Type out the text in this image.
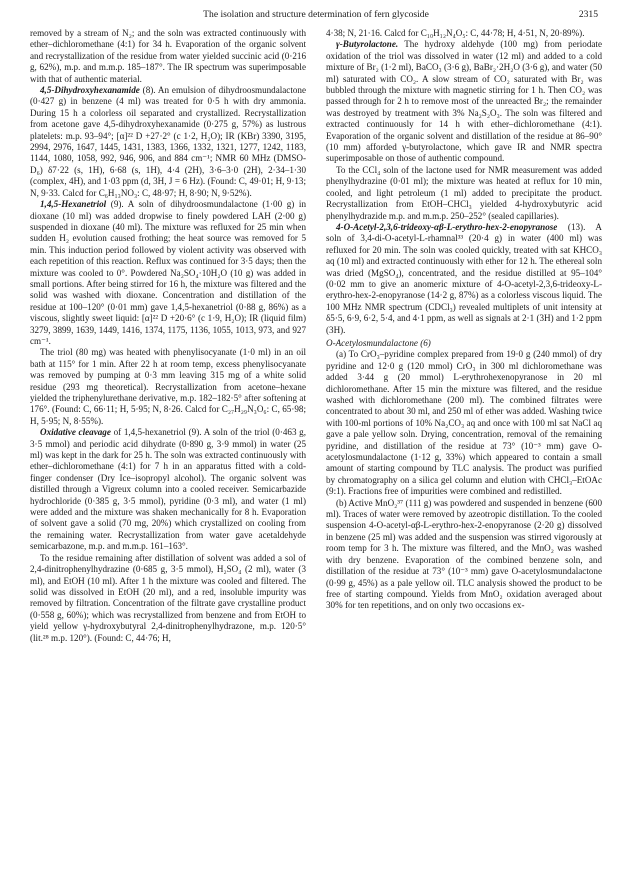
The isolation and structure determination of fern glycoside	2315

removed by a stream of N₂; and the soln was extracted continuously with ether–dichloromethane (4:1) for 34 h. Evaporation of the organic solvent and recrystallization of the residue from water yielded succinic acid (0·216 g, 62%), m.p. and m.m.p. 185–187°. The IR spectrum was superimposable with that of authentic material.

4,5-Dihydroxyhexanamide (8). An emulsion of dihydroosmundalactone (0·427 g) in benzene (4 ml) was treated for 0·5 h with dry ammonia. During 15 h a colorless oil separated and crystallized. Recrystallization from acetone gave 4,5-dihydroxyhexanamide (0·275 g, 57%) as lustrous platelets: m.p. 93–94°; [α]²² D +27·2° (c 1·2, H₂O); IR (KBr) 3390, 3195, 2994, 2976, 1647, 1445, 1431, 1383, 1366, 1332, 1321, 1277, 1242, 1183, 1144, 1080, 1058, 992, 946, 906, and 884 cm⁻¹; NMR 60 MHz (DMSO-D₆) δ7·22 (s, 1H), 6·68 (s, 1H), 4·4 (2H), 3·6–3·0 (2H), 2·34–1·30 (complex, 4H), and 1·03 ppm (d, 3H, J = 6 Hz). (Found: C, 49·01; H, 9·13; N, 9·33. Calcd for C₆H₁₃NO₃: C, 48·97; H, 8·90; N, 9·52%).

1,4,5-Hexanetriol (9). A soln of dihydroosmundalactone (1·00 g) in dioxane (10 ml) was added dropwise to finely powdered LAH (2·00 g) suspended in dioxane (40 ml). The mixture was refluxed for 25 min when sudden H₂ evolution caused frothing; the heat source was removed for 5 min. This induction period followed by violent activity was observed with each repetition of this reaction. Reflux was continued for 3·5 days; then the mixture was cooled to 0°. Powdered Na₂SO₄·10H₂O (10 g) was added in small portions. After being stirred for 16 h, the mixture was filtered and the solid was washed with dioxane. Concentration and distillation of the residue at 100–120° (0·01 mm) gave 1,4,5-hexanetriol (0·88 g, 86%) as a viscous, slightly sweet liquid: [α]²² D +20·6° (c 1·9, H₂O); IR (liquid film) 3279, 3899, 1639, 1449, 1416, 1374, 1175, 1136, 1055, 1013, 973, and 927 cm⁻¹.

The triol (80 mg) was heated with phenylisocyanate (1·0 ml) in an oil bath at 115° for 1 min. After 22 h at room temp, excess phenylisocyanate was removed by pumping at 0·3 mm leaving 315 mg of a white solid residue (293 mg theoretical). Recrystallization from acetone–hexane yielded the triphenylurethane derivative, m.p. 182–182·5° after softening at 176°. (Found: C, 66·11; H, 5·95; N, 8·26. Calcd for C₂₇H₂₉N₃O₆: C, 65·98; H, 5·95; N, 8·55%).

Oxidative cleavage of 1,4,5-hexanetriol (9). A soln of the triol (0·463 g, 3·5 mmol) and periodic acid dihydrate (0·890 g, 3·9 mmol) in water (25 ml) was kept in the dark for 25 h. The soln was extracted continuously with ether–dichloromethane (4:1) for 7 h in an apparatus fitted with a cold-finger condenser (Dry Ice–isopropyl alcohol). The organic solvent was distilled through a Vigreux column into a cooled receiver. Semicarbazide hydrochloride (0·385 g, 3·5 mmol), pyridine (0·3 ml), and water (1 ml) were added and the mixture was shaken mechanically for 8 h. Evaporation of solvent gave a solid (70 mg, 20%) which crystallized on cooling from the remaining water. Recrystallization from water gave acetaldehyde semicarbazone, m.p. and m.m.p. 161–163°.

To the residue remaining after distillation of solvent was added a sol of 2,4-dinitrophenylhydrazine (0·685 g, 3·5 mmol), H₂SO₄ (2 ml), water (3 ml), and EtOH (10 ml). After 1 h the mixture was cooled and filtered. The solid was dissolved in EtOH (20 ml), and a red, insoluble impurity was removed by filtration. Concentration of the filtrate gave crystalline product (0·558 g, 60%); which was recrystallized from benzene and from EtOH to yield yellow γ-hydroxybutyral 2,4-dinitrophenylhydrazone, m.p. 120·5° (lit.²⁸ m.p. 120°). (Found: C, 44·76; H,

4·38; N, 21·16. Calcd for C₁₀H₁₂N₄O₅: C, 44·78; H, 4·51, N, 20·89%).

γ-Butyrolactone. The hydroxy aldehyde (100 mg) from periodate oxidation of the triol was dissolved in water (12 ml) and added to a cold mixture of Br₂ (1·2 ml), BaCO₃ (3·6 g), BaBr₂·2H₂O (3·6 g), and water (50 ml) saturated with CO₂. A slow stream of CO₂ saturated with Br₂ was bubbled through the mixture with magnetic stirring for 1 h. Then CO₂ was passed through for 2 h to remove most of the unreacted Br₂; the remainder was destroyed by treatment with 3% Na₂S₂O₃. The soln was filtered and extracted continuously for 14 h with ether–dichloromethane (4:1). Evaporation of the organic solvent and distillation of the residue at 86–90° (10 mm) afforded γ-butyrolactone, which gave IR and NMR spectra superimposable on those of authentic compound.

To the CCl₄ soln of the lactone used for NMR measurement was added phenylhydrazine (0·01 ml); the mixture was heated at reflux for 10 min, cooled, and light petroleum (1 ml) added to precipitate the product. Recrystallization from EtOH–CHCl₃ yielded 4-hydroxybutyric acid phenylhydrazide m.p. and m.m.p. 250–252° (sealed capillaries).

4-O-Acetyl-2,3,6-trideoxy-αβ-L-erythro-hex-2-enopyranose (13). A soln of 3,4-di-O-acetyl-L-rhamnal³³ (20·4 g) in water (400 ml) was refluxed for 20 min. The soln was cooled quickly, treated with sat KHCO₃ aq (10 ml) and extracted continuously with ether for 12 h. The ethereal soln was dried (MgSO₄), concentrated, and the residue distilled at 95–104° (0·02 mm to give an anomeric mixture of 4-O-acetyl-2,3,6-trideoxy-L-erythro-hex-2-enopyranose (14·2 g, 87%) as a colorless viscous liquid. The 100 MHz NMR spectrum (CDCl₃) revealed multiplets of unit intensity at δ5·5, 6·9, 6·2, 5·4, and 4·1 ppm, as well as signals at 2·1 (3H) and 1·2 ppm (3H).

O-Acetylosmundalactone (6)

(a) To CrO₃–pyridine complex prepared from 19·0 g (240 mmol) of dry pyridine and 12·0 g (120 mmol) CrO₃ in 300 ml dichloromethane was added 3·44 g (20 mmol) L-erythrohexenopyranose in 20 ml dichloromethane. After 15 min the mixture was filtered, and the residue washed with dichloromethane (200 ml). The combined filtrates were concentrated to about 30 ml, and 250 ml of ether was added. Washing twice with 100-ml portions of 10% Na₂CO₃ aq and once with 100 ml sat NaCl aq gave a pale yellow soln. Drying, concentration, removal of the remaining pyridine, and distillation of the residue at 73° (10⁻³ mm) gave O-acetylosmundalactone (1·12 g, 33%) which appeared to contain a small amount of starting compound by TLC analysis. The product was purified by chromatography on a silica gel column and elution with CHCl₃–EtOAc (9:1). Fractions free of impurities were combined and redistilled.

(b) Active MnO₂³⁷ (111 g) was powdered and suspended in benzene (600 ml). Traces of water were removed by azeotropic distillation. To the cooled suspension 4-O-acetyl-αβ-L-erythro-hex-2-enopyranose (2·20 g) dissolved in benzene (25 ml) was added and the suspension was stirred vigorously at room temp for 3 h. The mixture was filtered, and the MnO₂ was washed with dry benzene. Evaporation of the combined benzene soln, and distillation of the residue at 73° (10⁻³ mm) gave O-acetylosmundalactone (0·99 g, 45%) as a pale yellow oil. TLC analysis showed the product to be free of starting compound. Yields from MnO₂ oxidation averaged about 30% for ten repetitions, and on only two occasions ex-
